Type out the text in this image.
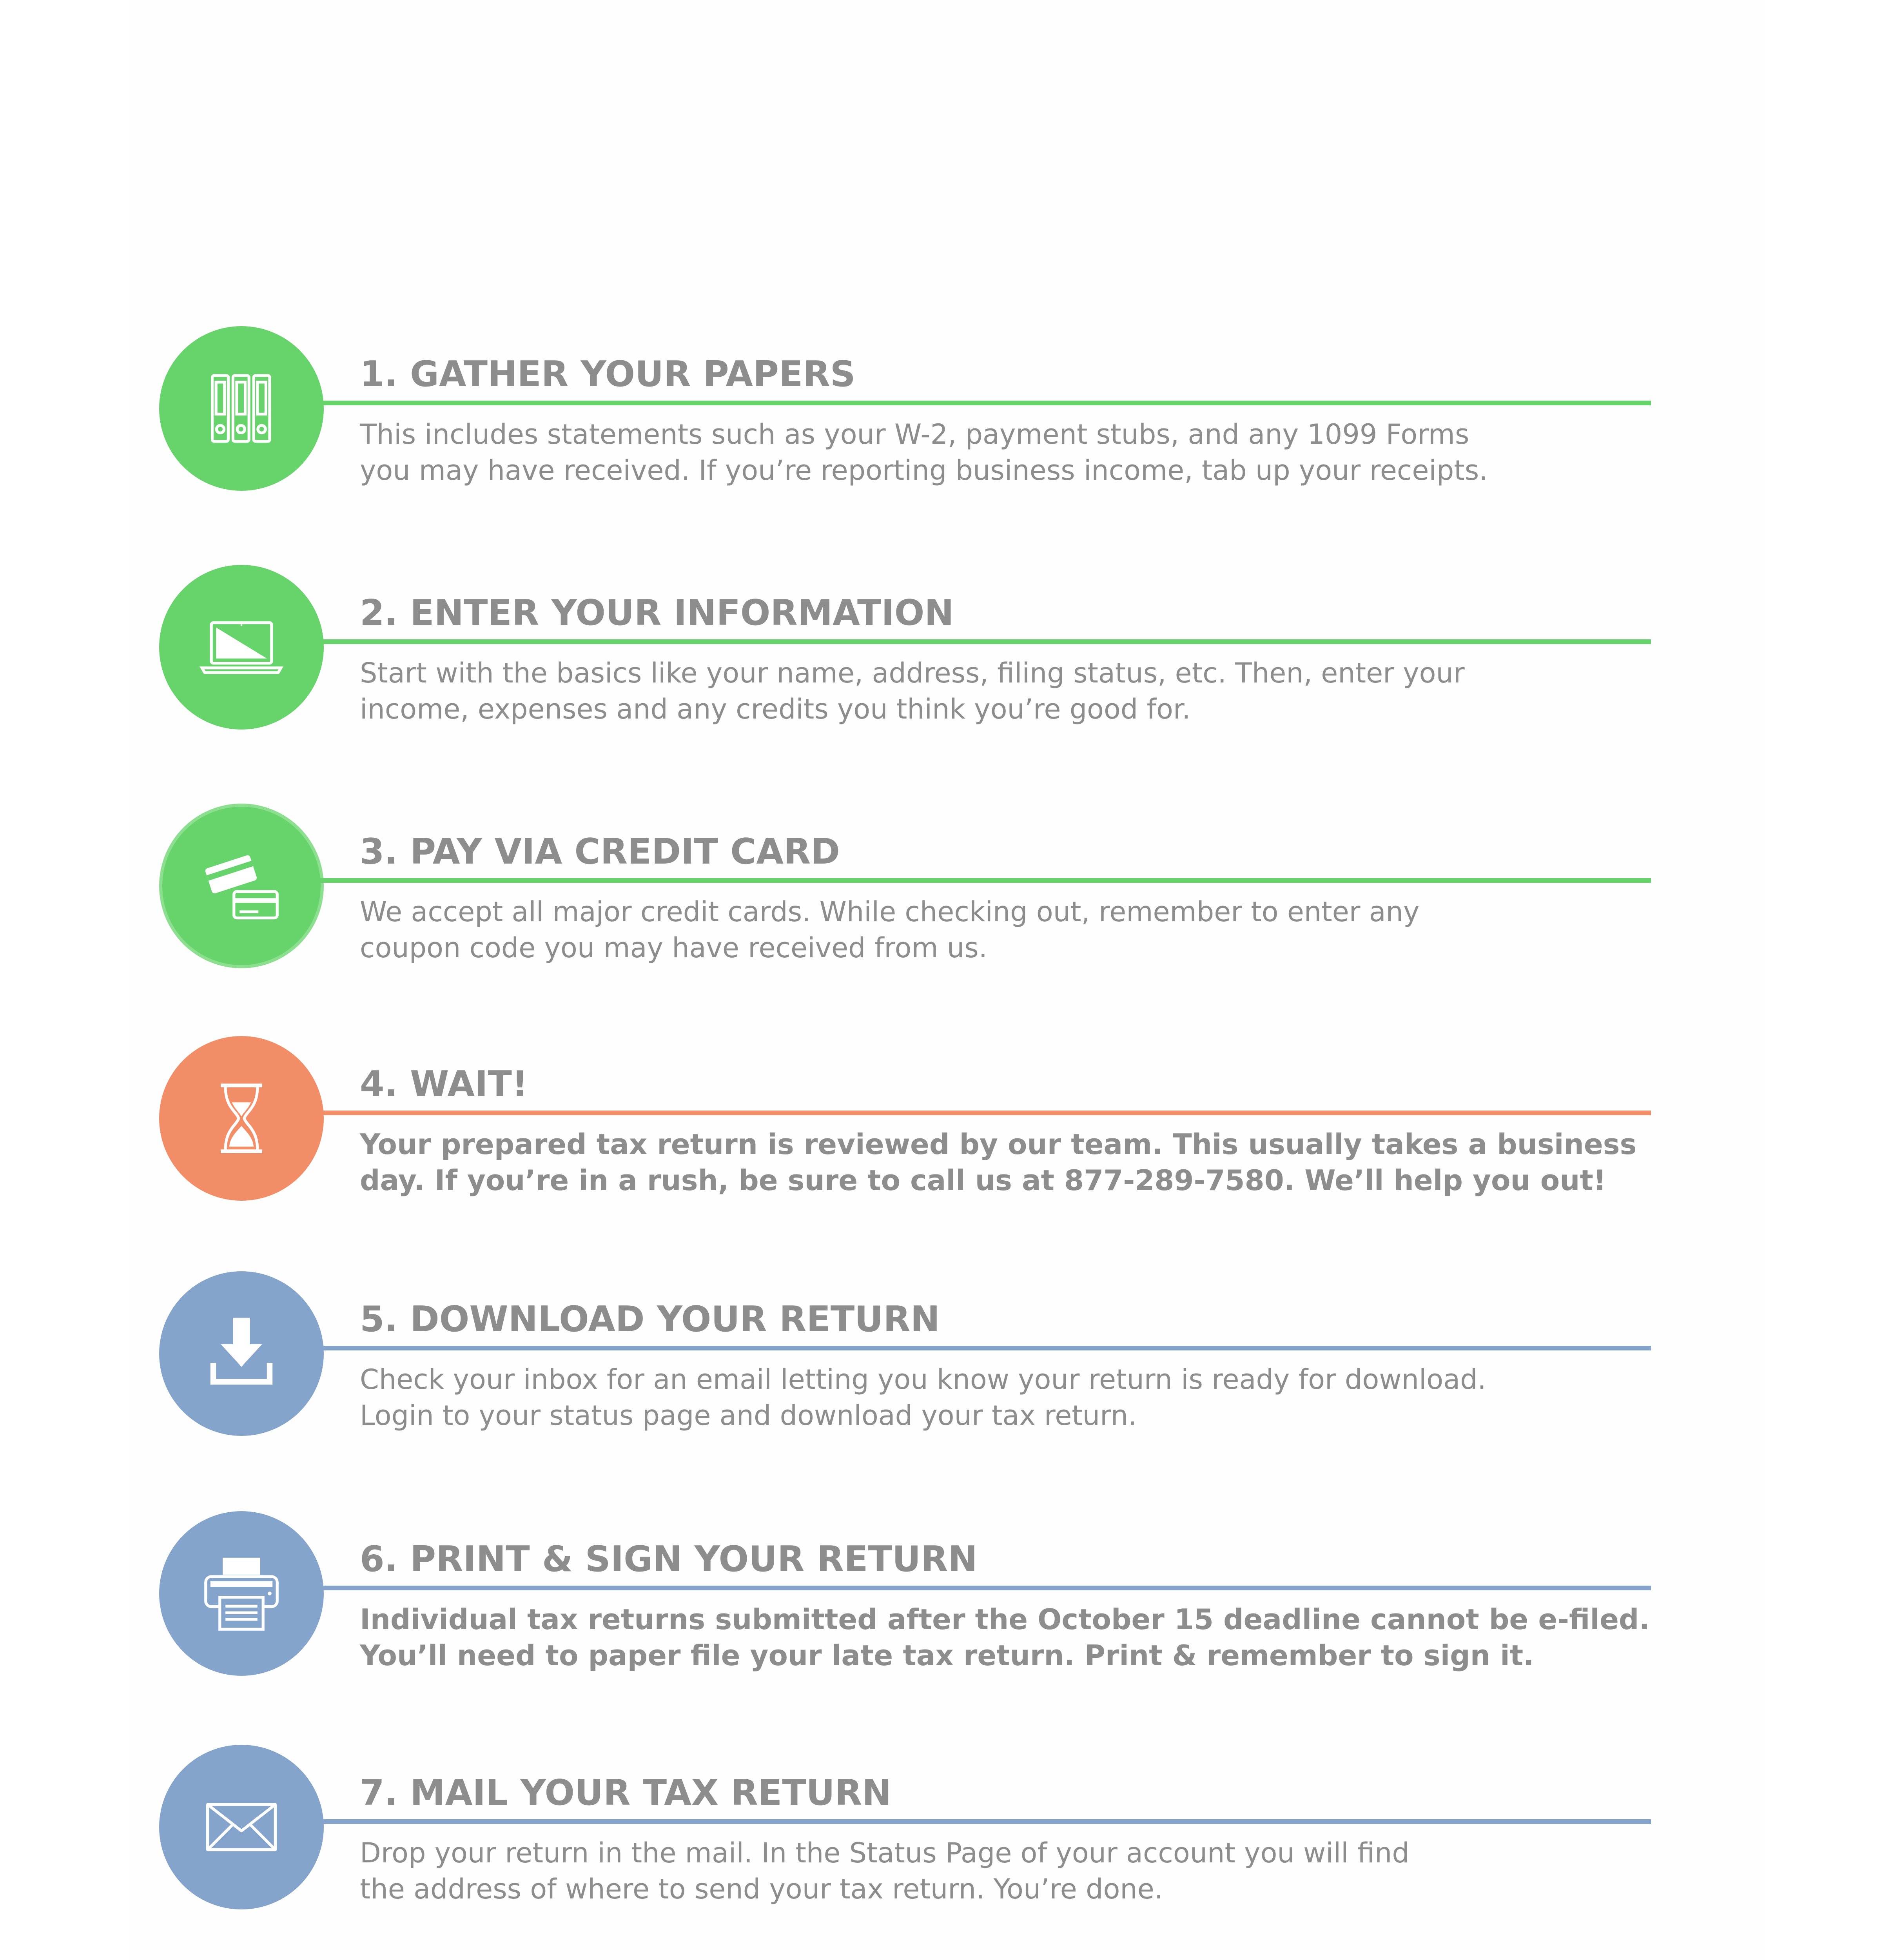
1. GATHER YOUR PAPERS

This includes statements such as your W-2, payment stubs, and any 1099 Forms
you may have received. If you’re reporting business income, tab up your receipts.

2. ENTER YOUR INFORMATION

Start with the basics like your name, address, filing status, etc. Then, enter your
income, expenses and any credits you think you’re good for.

3. PAY VIA CREDIT CARD

We accept all major credit cards. While checking out, remember to enter any
coupon code you may have received from us.

4. WAIT!

Your prepared tax return is reviewed by our team. This usually takes a business
day. If you’re in a rush, be sure to call us at 877-289-7580. We’ll help you out!

5. DOWNLOAD YOUR RETURN

Check your inbox for an email letting you know your return is ready for download.
Login to your status page and download your tax return.

6. PRINT & SIGN YOUR RETURN

Individual tax returns submitted after the October 15 deadline cannot be e-filed.
You’ll need to paper file your late tax return. Print & remember to sign it.

7. MAIL YOUR TAX RETURN

Drop your return in the mail. In the Status Page of your account you will find
the address of where to send your tax return. You’re done.
